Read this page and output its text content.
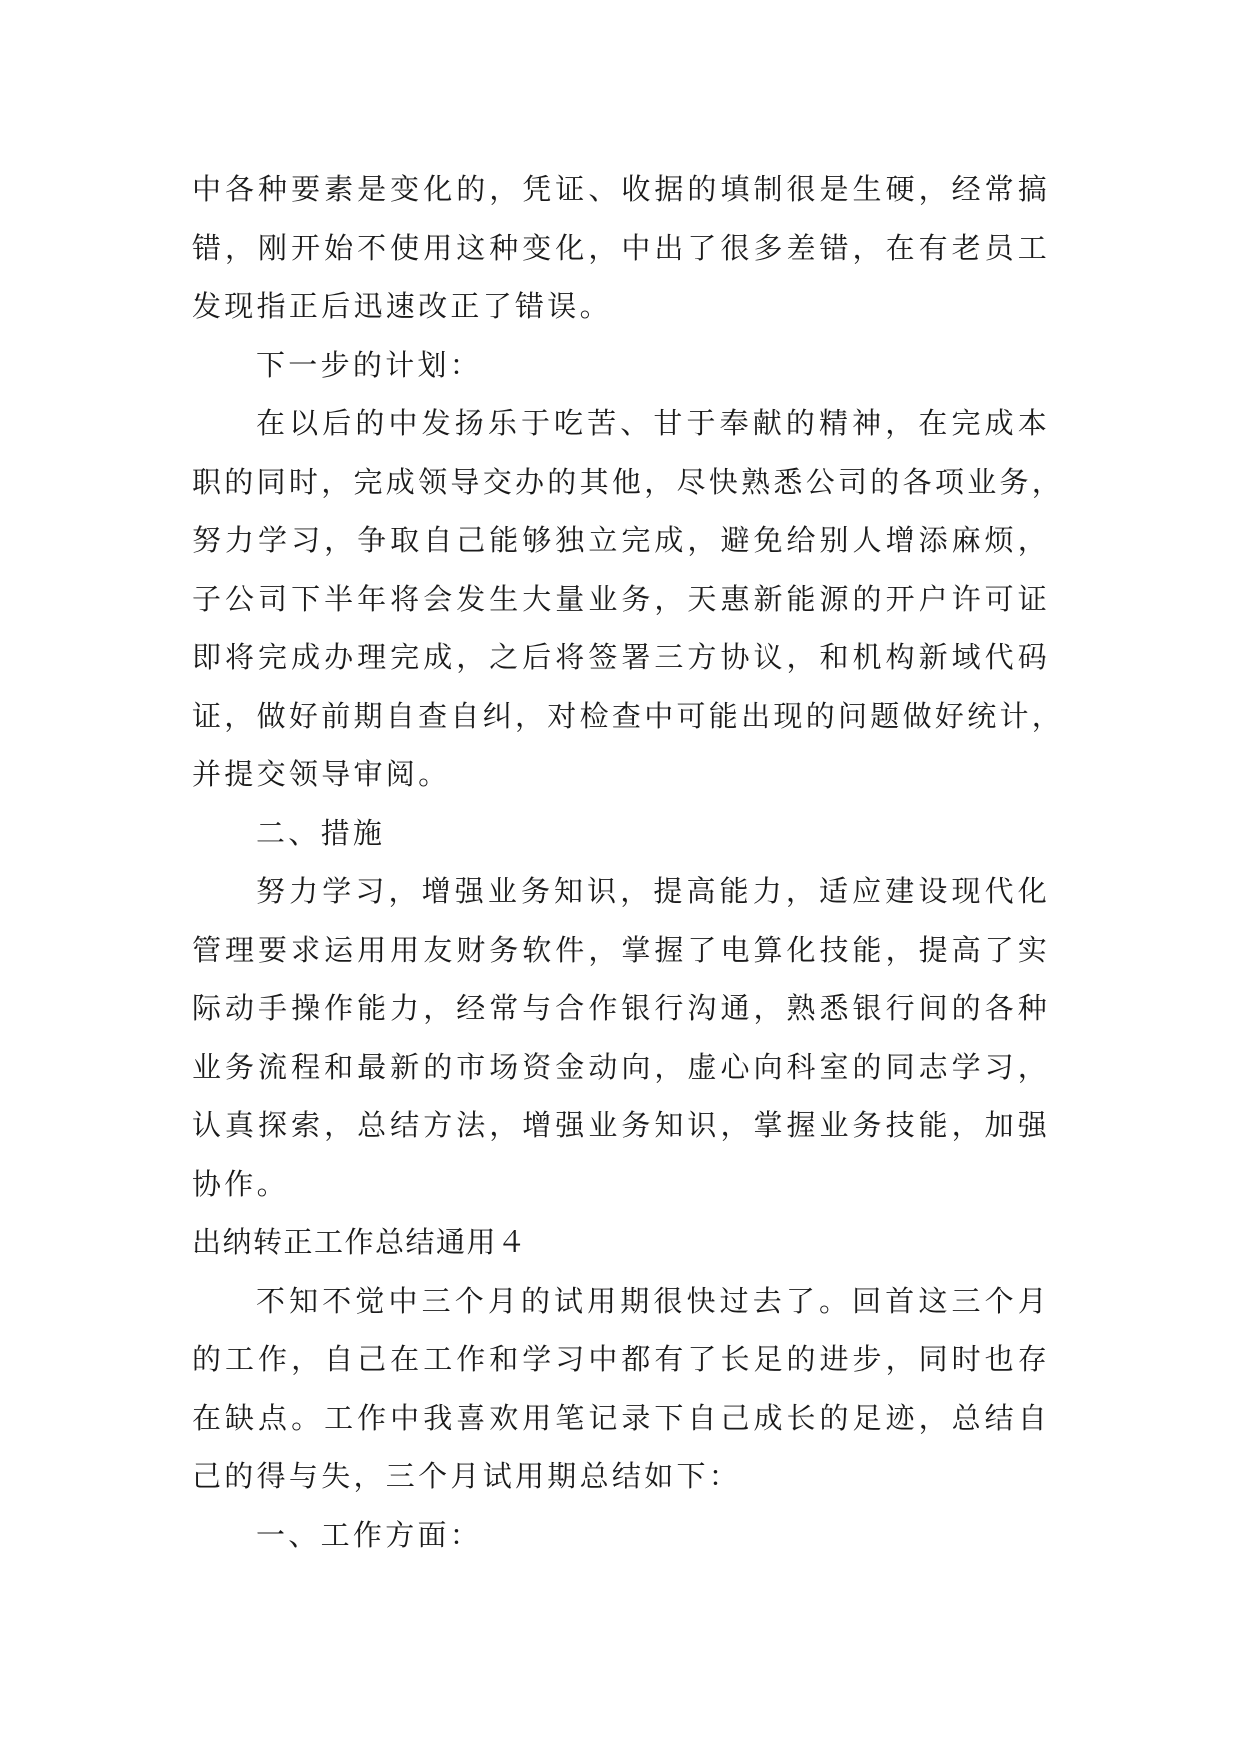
中各种要素是变化的，凭证、收据的填制很是生硬，经常搞
错，刚开始不使用这种变化，中出了很多差错，在有老员工
发现指正后迅速改正了错误。
下一步的计划：
在以后的中发扬乐于吃苦、甘于奉献的精神，在完成本
职的同时，完成领导交办的其他，尽快熟悉公司的各项业务，
努力学习，争取自己能够独立完成，避免给别人增添麻烦，
子公司下半年将会发生大量业务，天惠新能源的开户许可证
即将完成办理完成，之后将签署三方协议，和机构新域代码
证，做好前期自查自纠，对检查中可能出现的问题做好统计，
并提交领导审阅。
二、措施
努力学习，增强业务知识，提高能力，适应建设现代化
管理要求运用用友财务软件，掌握了电算化技能，提高了实
际动手操作能力，经常与合作银行沟通，熟悉银行间的各种
业务流程和最新的市场资金动向，虚心向科室的同志学习，
认真探索，总结方法，增强业务知识，掌握业务技能，加强
协作。
出纳转正工作总结通用４
不知不觉中三个月的试用期很快过去了。回首这三个月
的工作，自己在工作和学习中都有了长足的进步，同时也存
在缺点。工作中我喜欢用笔记录下自己成长的足迹，总结自
己的得与失，三个月试用期总结如下：
一、工作方面：
